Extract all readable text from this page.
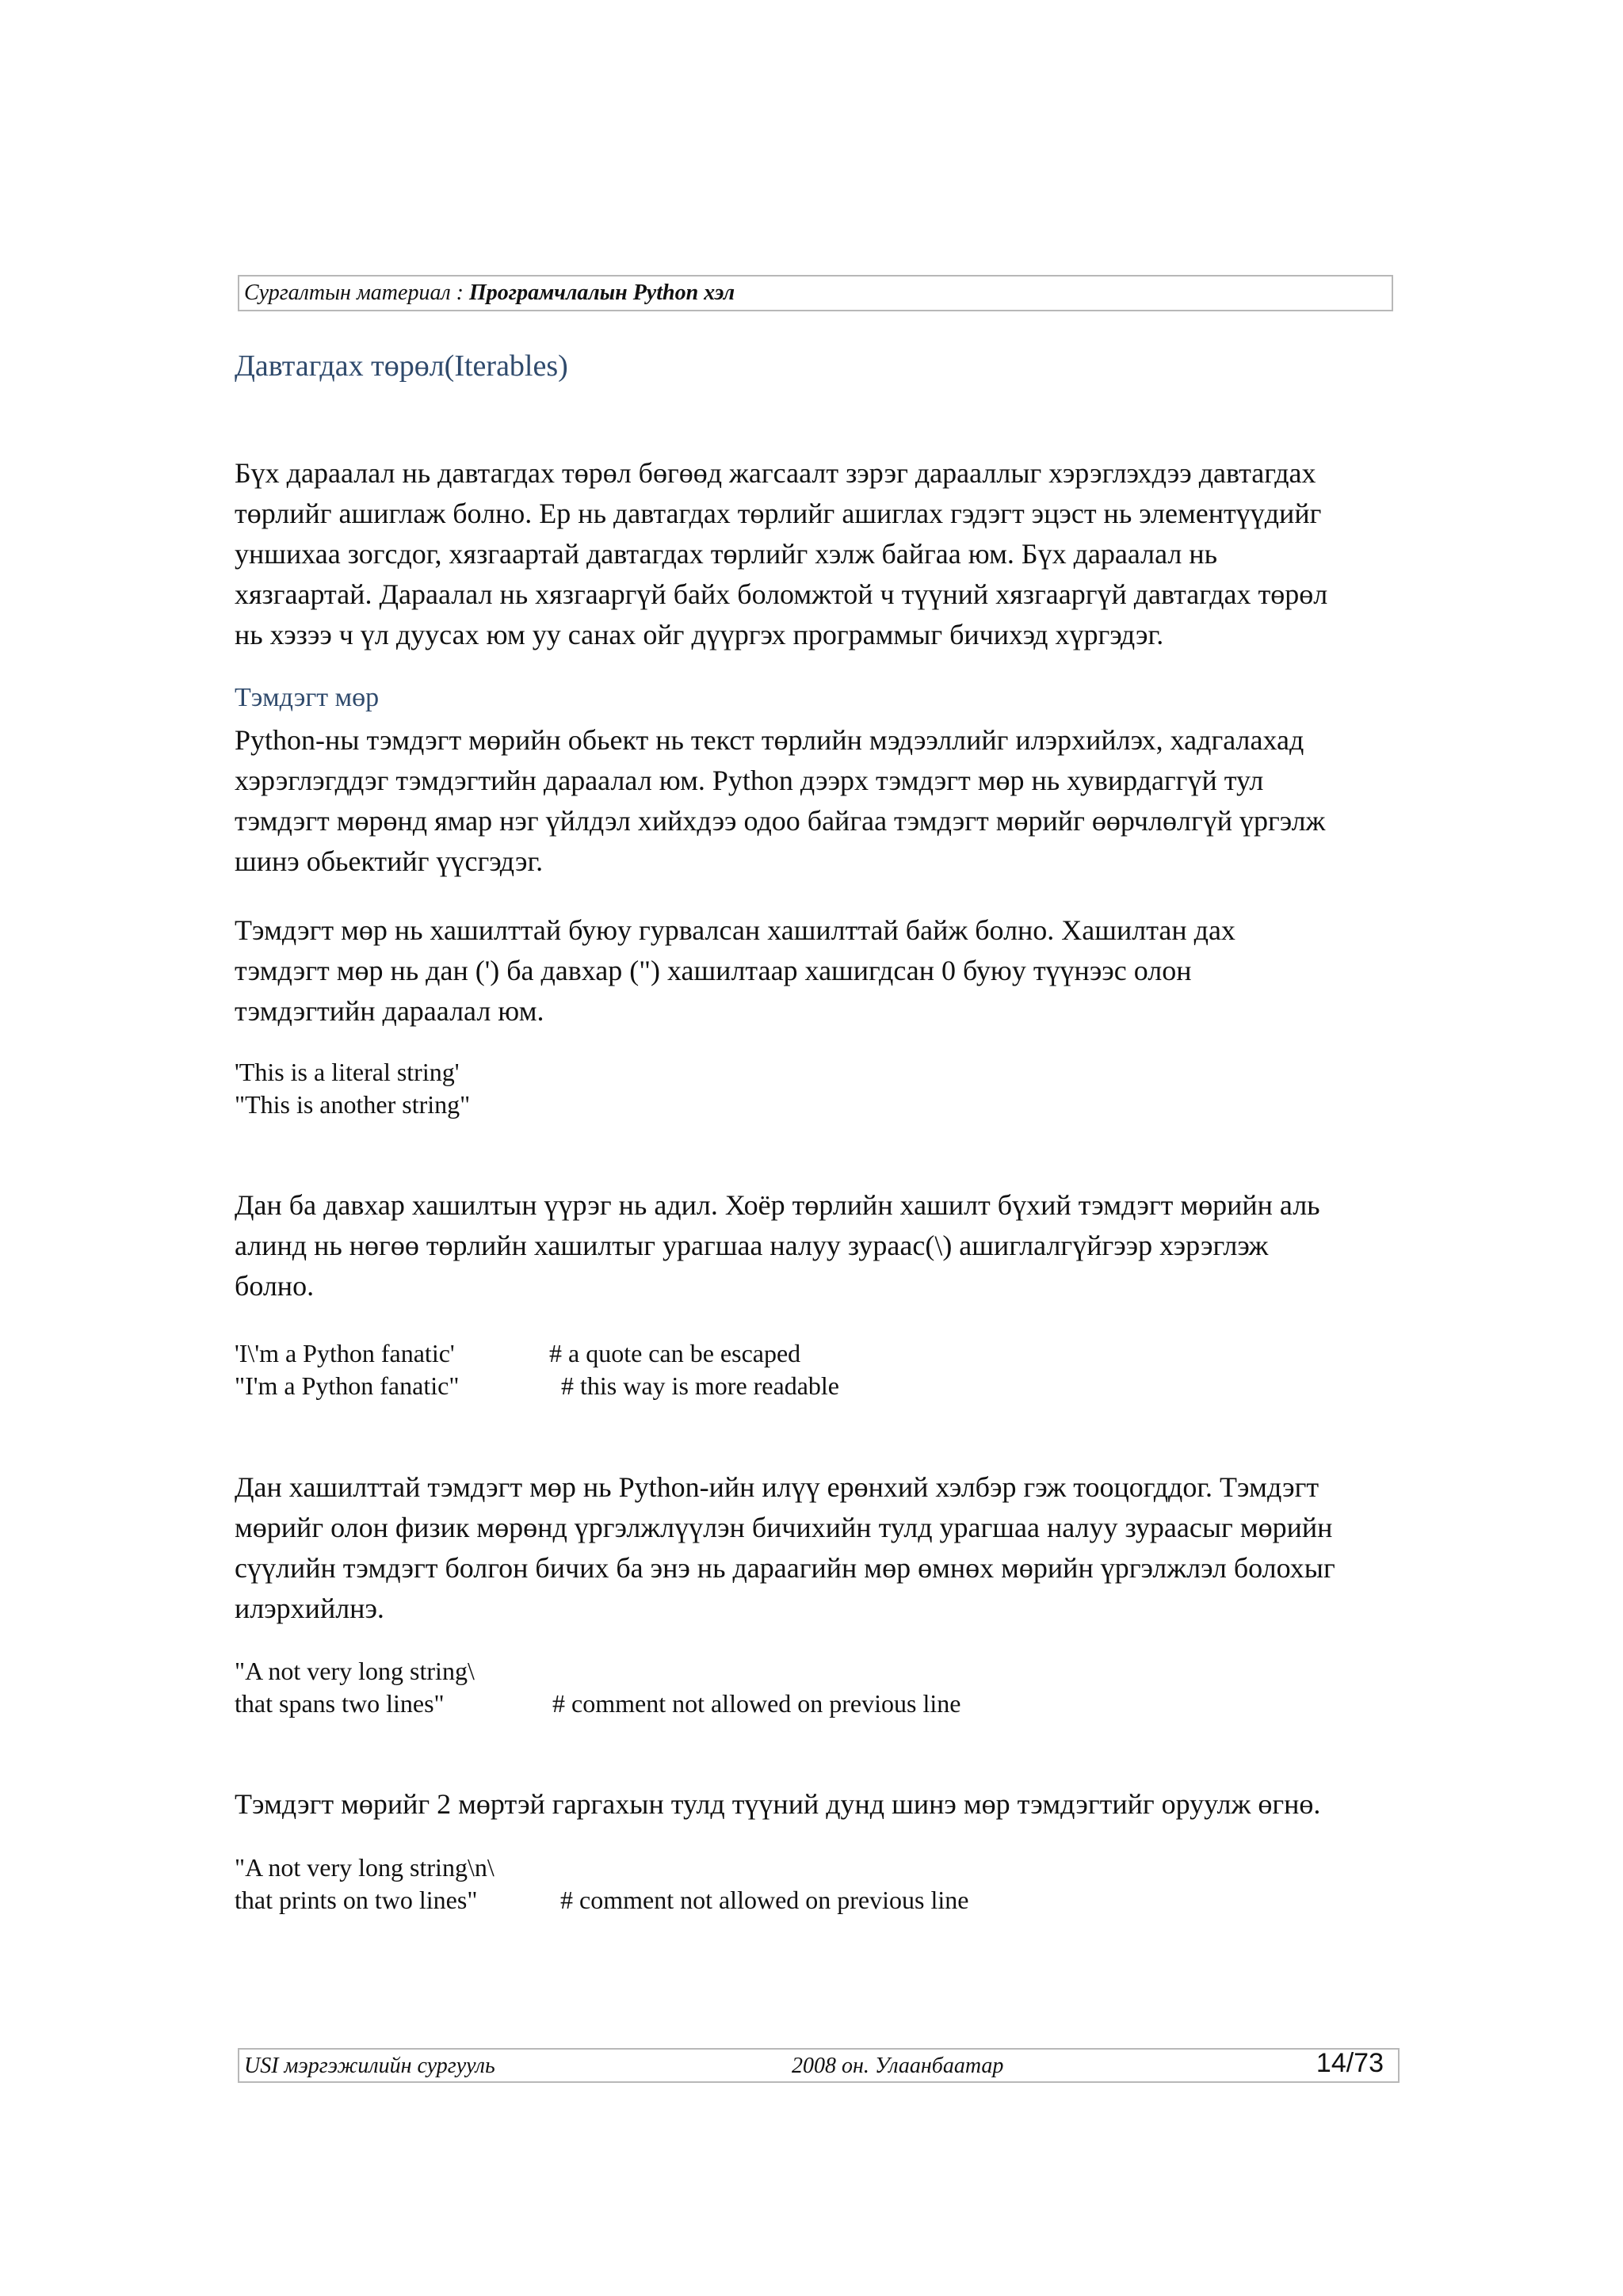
Сургалтын материал : Програмчлалын Python хэл
Давтагдах төрөл(Iterables)
Бүх дараалал нь давтагдах төрөл бөгөөд жагсаалт зэрэг дарааллыг хэрэглэхдээ давтагдах
төрлийг ашиглаж болно. Ер нь давтагдах төрлийг ашиглах гэдэгт эцэст нь элементүүдийг
уншихаа зогсдог, хязгаартай давтагдах төрлийг хэлж байгаа юм. Бүх дараалал нь
хязгаартай. Дараалал нь хязгааргүй байх боломжтой ч түүний хязгааргүй давтагдах төрөл
нь хэзээ ч үл дуусах юм уу санах ойг дүүргэх программыг бичихэд хүргэдэг.
Тэмдэгт мөр
Python-ны тэмдэгт мөрийн обьект нь текст төрлийн мэдээллийг илэрхийлэх, хадгалахад
хэрэглэгддэг тэмдэгтийн дараалал юм. Python дээрх тэмдэгт мөр нь хувирдаггүй тул
тэмдэгт мөрөнд ямар нэг үйлдэл хийхдээ одоо байгаа тэмдэгт мөрийг өөрчлөлгүй үргэлж
шинэ обьектийг үүсгэдэг.
Тэмдэгт мөр нь хашилттай буюу гурвалсан хашилттай байж болно. Хашилтан дах
тэмдэгт мөр нь дан (') ба давхар (") хашилтаар хашигдсан 0 буюу түүнээс олон
тэмдэгтийн дараалал юм.
'This is a literal string'
"This is another string"
Дан ба давхар хашилтын үүрэг нь адил. Хоёр төрлийн хашилт бүхий тэмдэгт мөрийн аль
алинд нь нөгөө төрлийн хашилтыг урагшаа налуу зураас(\) ашиглалгүйгээр хэрэглэж
болно.
'I\'m a Python fanatic'	# a quote can be escaped
"I'm a Python fanatic"	# this way is more readable
Дан хашилттай тэмдэгт мөр нь Python-ийн илүү ерөнхий хэлбэр гэж тооцогддог. Тэмдэгт
мөрийг олон физик мөрөнд үргэлжлүүлэн бичихийн тулд урагшаа налуу зураасыг мөрийн
сүүлийн тэмдэгт болгон бичих ба энэ нь дараагийн мөр өмнөх мөрийн үргэлжлэл болохыг
илэрхийлнэ.
"A not very long string\
that spans two lines"	# comment not allowed on previous line
Тэмдэгт мөрийг 2 мөртэй гаргахын тулд түүний дунд шинэ мөр тэмдэгтийг оруулж өгнө.
"A not very long string\n\
that prints on two lines"	# comment not allowed on previous line
USI мэргэжилийн сургууль	2008 он. Улаанбаатар	14/73
